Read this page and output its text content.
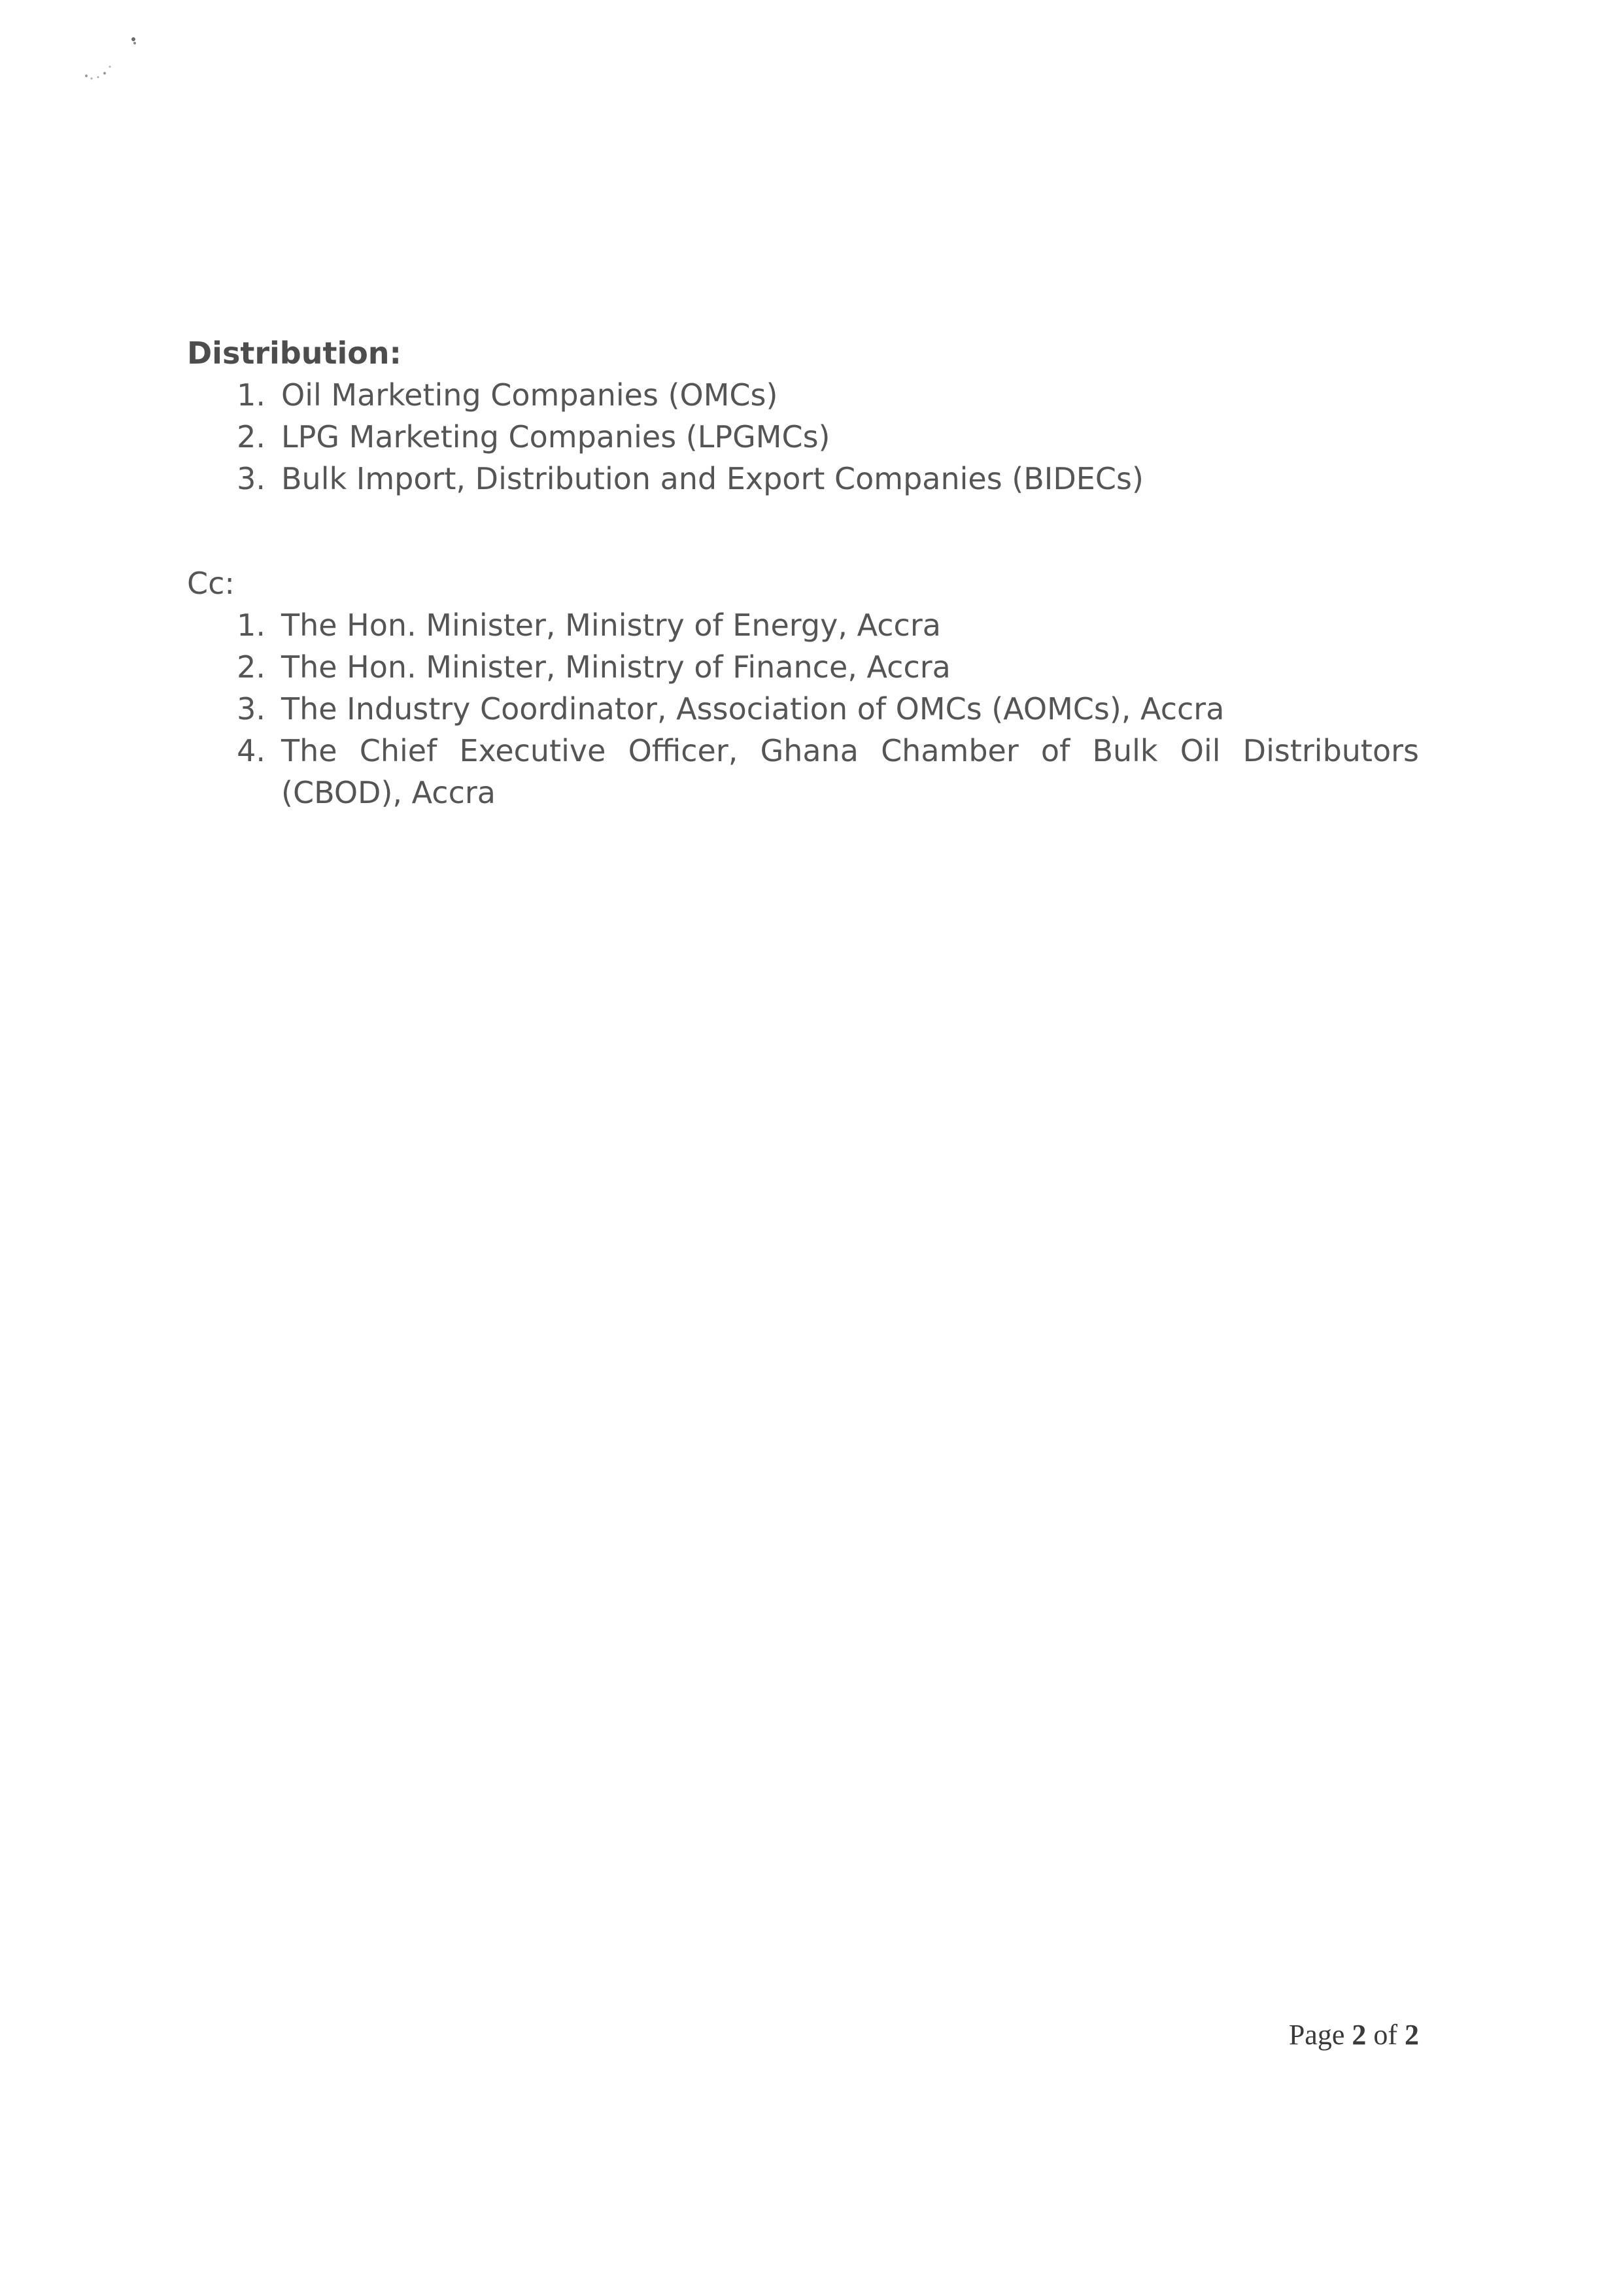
Distribution:

1. Oil Marketing Companies (OMCs)
2. LPG Marketing Companies (LPGMCs)
3. Bulk Import, Distribution and Export Companies (BIDECs)

Cc:

1. The Hon. Minister, Ministry of Energy, Accra
2. The Hon. Minister, Ministry of Finance, Accra
3. The Industry Coordinator, Association of OMCs (AOMCs), Accra
4. The Chief Executive Officer, Ghana Chamber of Bulk Oil Distributors (CBOD), Accra
Page 2 of 2
